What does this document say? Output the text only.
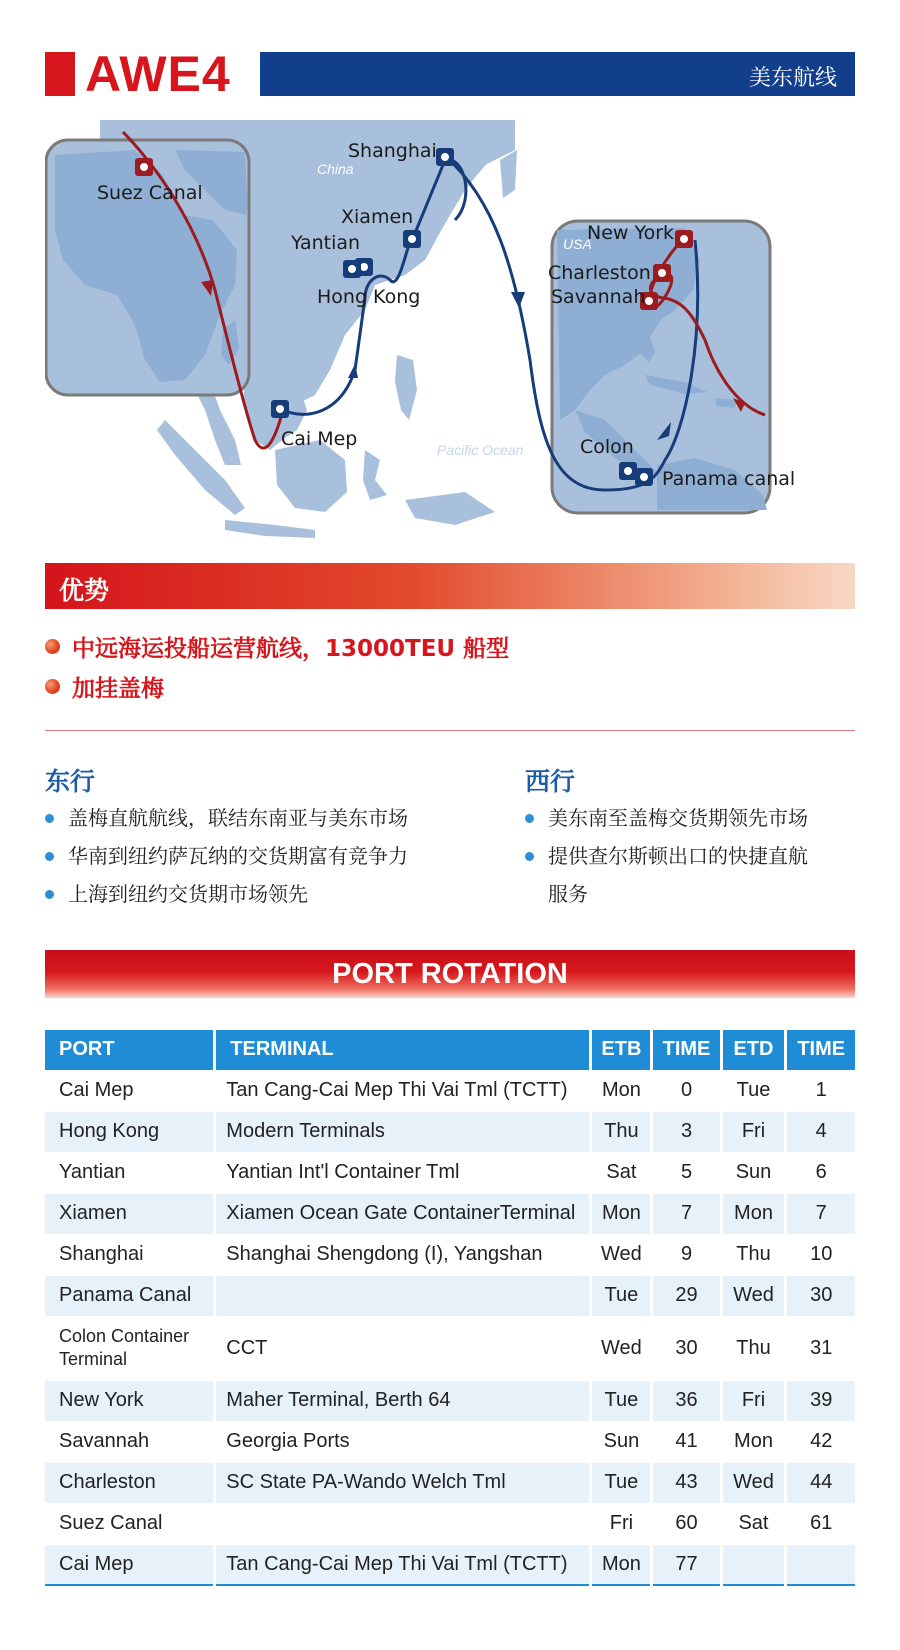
AWE4	美东航线
Suez Canal
Shanghai
China
Xiamen
Yantian
Hong Kong
Cai Mep	Pacific Ocean
USA
New York
Charleston
Savannah
Colon
Panama canal
优势
中远海运投船运营航线，13000TEU 船型
加挂盖梅
东行
盖梅直航航线，联结东南亚与美东市场
华南到纽约萨瓦纳的交货期富有竞争力
上海到纽约交货期市场领先
西行
美东南至盖梅交货期领先市场
提供查尔斯顿出口的快捷直航
服务
PORT ROTATION
PORT	TERMINAL	ETB	TIME	ETD	TIME
Cai Mep	Tan Cang-Cai Mep Thi Vai Tml (TCTT)	Mon	0	Tue	1
Hong Kong	Modern Terminals	Thu	3	Fri	4
Yantian	Yantian Int'l Container Tml	Sat	5	Sun	6
Xiamen	Xiamen Ocean Gate ContainerTerminal	Mon	7	Mon	7
Shanghai	Shanghai Shengdong (I), Yangshan	Wed	9	Thu	10
Panama Canal		Tue	29	Wed	30
Colon Container Terminal	CCT	Wed	30	Thu	31
New York	Maher Terminal, Berth 64	Tue	36	Fri	39
Savannah	Georgia Ports	Sun	41	Mon	42
Charleston	SC State PA-Wando Welch Tml	Tue	43	Wed	44
Suez Canal		Fri	60	Sat	61
Cai Mep	Tan Cang-Cai Mep Thi Vai Tml (TCTT)	Mon	77		
